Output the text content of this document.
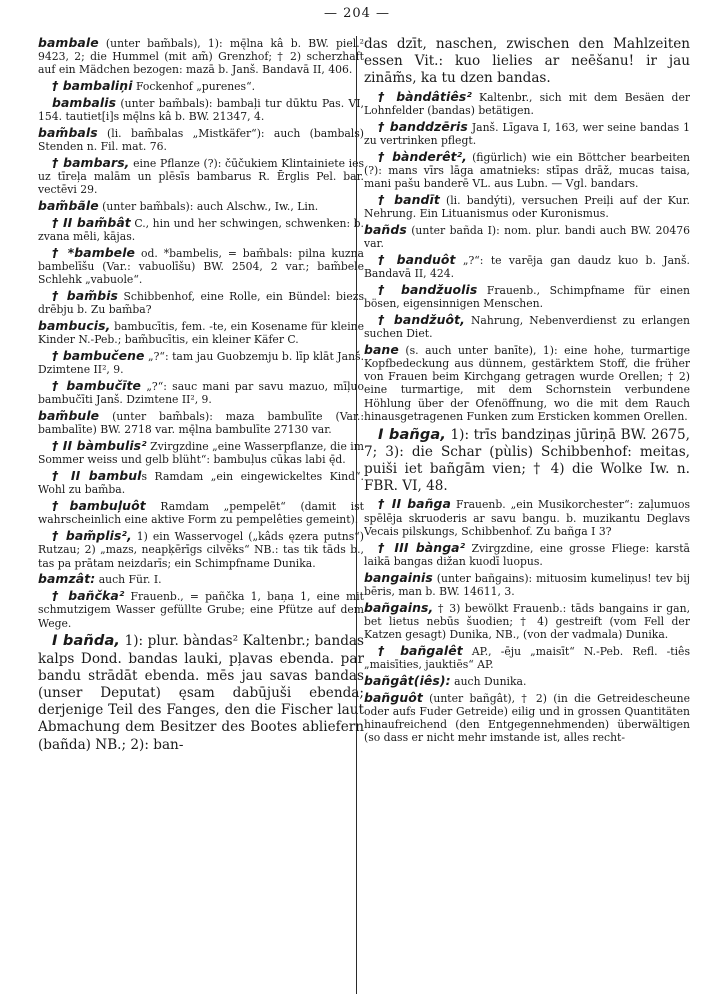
— 204 —

bambale (unter bam̃bals), 1): mę̄lna kâ b. BW. piel.² 9423, 2; die Hummel (mit am̃) Grenzhof; † 2) scherzhaft auf ein Mädchen bezogen: mazā b. Janš. Bandavā II, 406.

† bambaliņi Fockenhof „purenes“.

bambalis (unter bam̃bals): bambaļi tur dūktu Pas. VI, 154. tautiet[i]s mę̄lns kâ b. BW. 21347, 4.

bam̃bals (li. bam̃balas „Mistkäfer“): auch (bambals) Stenden n. Fil. mat. 76.

† bambars, eine Pflanze (?): čūčukiem Klintainiete ies uz tīreļa malām un plēsīs bambarus R. Ērglis Pel. bar. vectēvi 29.

bam̃bãle (unter bam̃bals): auch Alschw., Iw., Lin.

† II bam̃bât C., hin und her schwingen, schwenken: b. zvana mēli, kājas.

† *bambele od. *bambelis, = bam̃bals: pilna kuzna bambelīšu (Var.: vabuolīšu) BW. 2504, 2 var.; bam̃bele Schlehk „vabuole“.

† bam̃bis Schibbenhof, eine Rolle, ein Bündel: biezs drēbju b. Zu bam̃ba?

bambucis, bambucītis, fem. -te, ein Kosename für kleine Kinder N.-Peb.; bam̃bucītis, ein kleiner Käfer C.

† bambučene „?“: tam jau Guobzemju b. līp klāt Janš. Dzimtene II², 9.

† bambučīte „?“: sauc mani par savu mazuo, mīļuo bambučīti Janš. Dzimtene II², 9.

bam̃bule (unter bam̃bals): maza bambulīte (Var.: bambalīte) BW. 2718 var. mę̄lna bambulīte 27130 var.

† II bàmbulis² Zvirgzdine „eine Wasserpflanze, die im Sommer weiss und gelb blüht“: bambuļus cūkas labi ę̄d.

† II bambuls Ramdam „ein eingewickeltes Kind“. Wohl zu bam̃ba.

†bambuļuôt Ramdam „pempelēt“ (damit ist wahrscheinlich eine aktive Form zu pempelêties gemeint).

† bam̃plis², 1) ein Wasservogel („kâds ęzera putns“) Rutzau; 2) „mazs, neapķērīgs cilvēks“ NB.: tas tik tāds b., tas pa prātam neizdarīs; ein Schimpfname Dunika.

bamzât: auch Für. I.

† bañčka² Frauenb., = pañčka 1, baņa 1, eine mit schmutzigem Wasser gefüllte Grube; eine Pfütze auf dem Wege.

I bañda, 1): plur. bàndas² Kaltenbr.; bandas kalps Dond. bandas lauki, pļavas ebenda. par bandu strādāt ebenda. mēs jau savas bandas (unser Deputat) ęsam dabūjuši ebenda; derjenige Teil des Fanges, den die Fischer laut Abmachung dem Besitzer des Bootes abliefern (bañda) NB.; 2): ban-

das dzīt, naschen, zwischen den Mahlzeiten essen Vit.: kuo lielies ar neēšanu! ir jau zinām̃s, ka tu dzen bandas.

† bàndâtiês² Kaltenbr., sich mit dem Besäen der Lohnfelder (bandas) betätigen.

† banddzēris Janš. Līgava I, 163, wer seine bandas 1 zu vertrinken pflegt.

† bànderêt², (figürlich) wie ein Böttcher bearbeiten (?): mans vīrs lāga amatnieks: stīpas drāž, mucas taisa, mani pašu banderē VL. aus Lubn. — Vgl. bandars.

† bandīt (li. bandýti), versuchen Preiļi auf der Kur. Nehrung. Ein Lituanismus oder Kuronismus.

bañds (unter bañda I): nom. plur. bandi auch BW. 20476 var.

† banduôt „?“: te varēja gan daudz kuo b. Janš. Bandavā II, 424.

† bandžuolis Frauenb., Schimpfname für einen bösen, eigensinnigen Menschen.

† bandžuôt, Nahrung, Nebenverdienst zu erlangen suchen Diet.

bane (s. auch unter banīte), 1): eine hohe, turmartige Kopfbedeckung aus dünnem, gestärktem Stoff, die früher von Frauen beim Kirchgang getragen wurde Orellen; † 2) eine turmartige, mit dem Schornstein verbundene Höhlung über der Ofenöffnung, wo die mit dem Rauch hinausgetragenen Funken zum Ersticken kommen Orellen.

I bañga, 1): trīs bandziņas jūriņā BW. 2675, 7; 3): die Schar (pùlis) Schibbenhof: meitas, puiši iet bañgām vien; † 4) die Wolke Iw. n. FBR. VI, 48.

† II bañga Frauenb. „ein Musikorchester“: zaļumuos spēlēja skruoderis ar savu bangu. b. muzikantu Deglavs Vecais pilskungs, Schibbenhof. Zu bañga I 3?

† III bànga² Zvirgzdine, eine grosse Fliege: karstā laikā bangas dižan kuodī luopus.

bangainis (unter bañgains): mituosim kumeliņus! tev bij bēris, man b. BW. 14611, 3.

bañgains, † 3) bewölkt Frauenb.: tāds bangains ir gan, bet lietus nebūs šuodien; † 4) gestreift (vom Fell der Katzen gesagt) Dunika, NB., (von der vadmala) Dunika.

† bañgalêt AP., -ēju „maisīt“ N.-Peb. Refl. -tiês „maisīties, jauktiēs“ AP.

bañgât(iês): auch Dunika.

bañguôt (unter bañgât), † 2) (in die Getreidescheune oder aufs Fuder Getreide) eilig und in grossen Quantitäten hinaufreichend (den Entgegennehmenden) überwältigen (so dass er nicht mehr imstande ist, alles recht-
